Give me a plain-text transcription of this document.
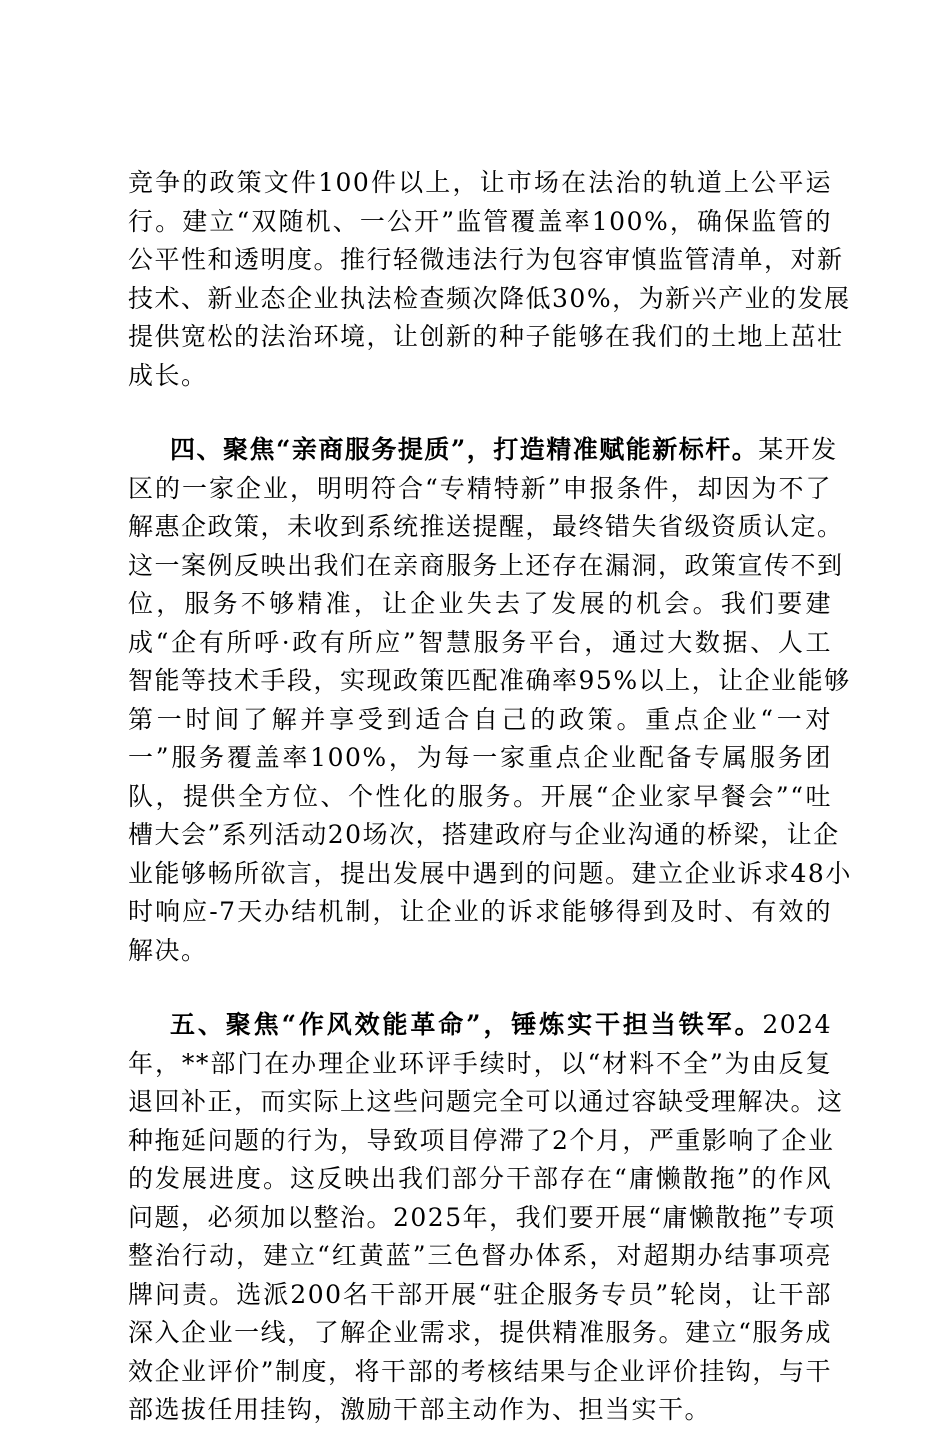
竞争的政策文件100件以上，让市场在法治的轨道上公平运
行。建立“双随机、一公开”监管覆盖率100%，确保监管的
公平性和透明度。推行轻微违法行为包容审慎监管清单，对新
技术、新业态企业执法检查频次降低30%，为新兴产业的发展
提供宽松的法治环境，让创新的种子能够在我们的土地上茁壮
成长。
四、聚焦“亲商服务提质”，打造精准赋能新标杆。某开发
区的一家企业，明明符合“专精特新”申报条件，却因为不了
解惠企政策，未收到系统推送提醒，最终错失省级资质认定。
这一案例反映出我们在亲商服务上还存在漏洞，政策宣传不到
位，服务不够精准，让企业失去了发展的机会。我们要建
成“企有所呼·政有所应”智慧服务平台，通过大数据、人工
智能等技术手段，实现政策匹配准确率95%以上，让企业能够
第一时间了解并享受到适合自己的政策。重点企业“一对
一”服务覆盖率100%，为每一家重点企业配备专属服务团
队，提供全方位、个性化的服务。开展“企业家早餐会”“吐
槽大会”系列活动20场次，搭建政府与企业沟通的桥梁，让企
业能够畅所欲言，提出发展中遇到的问题。建立企业诉求48小
时响应-7天办结机制，让企业的诉求能够得到及时、有效的
解决。
五、聚焦“作风效能革命”，锤炼实干担当铁军。2024
年，**部门在办理企业环评手续时，以“材料不全”为由反复
退回补正，而实际上这些问题完全可以通过容缺受理解决。这
种拖延问题的行为，导致项目停滞了2个月，严重影响了企业
的发展进度。这反映出我们部分干部存在“庸懒散拖”的作风
问题，必须加以整治。2025年，我们要开展“庸懒散拖”专项
整治行动，建立“红黄蓝”三色督办体系，对超期办结事项亮
牌问责。选派200名干部开展“驻企服务专员”轮岗，让干部
深入企业一线，了解企业需求，提供精准服务。建立“服务成
效企业评价”制度，将干部的考核结果与企业评价挂钩，与干
部选拔任用挂钩，激励干部主动作为、担当实干。
